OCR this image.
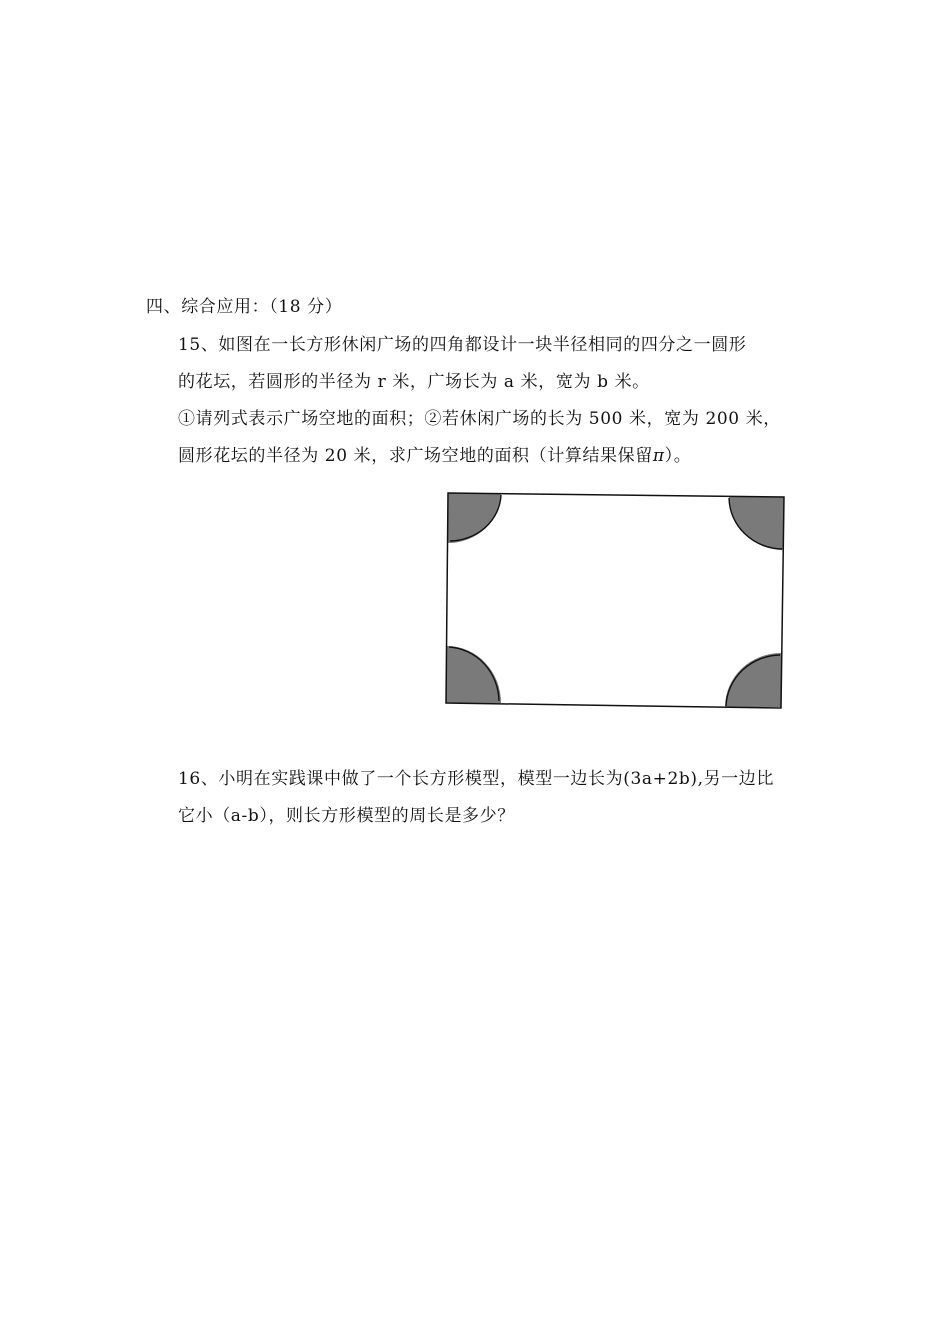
四、综合应用：（18 分）
15、如图在一长方形休闲广场的四角都设计一块半径相同的四分之一圆形
的花坛，若圆形的半径为 r 米，广场长为 a 米，宽为 b 米。
①请列式表示广场空地的面积；②若休闲广场的长为 500 米，宽为 200 米，
圆形花坛的半径为 20 米，求广场空地的面积（计算结果保留π）。
16、小明在实践课中做了一个长方形模型，模型一边长为(3a+2b),另一边比
它小（a-b），则长方形模型的周长是多少？
